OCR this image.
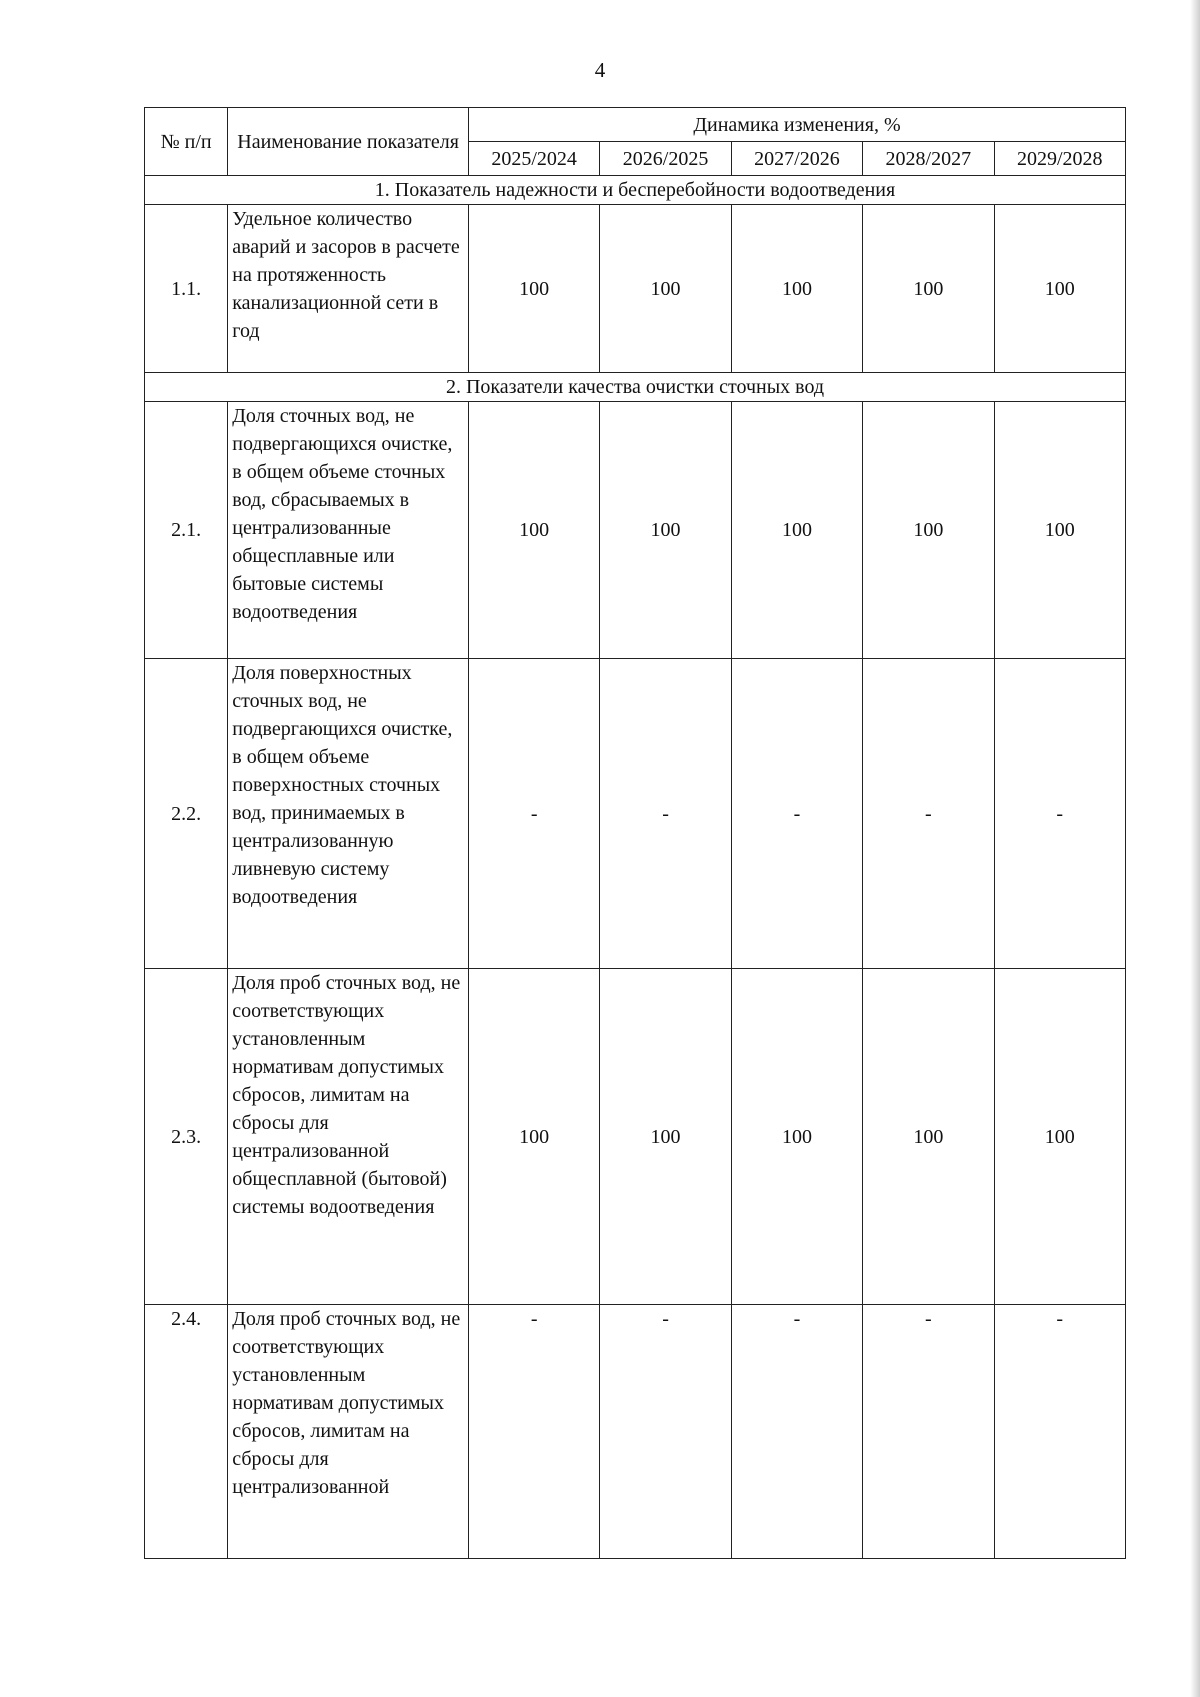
4
№ п/п	Наименование показателя	Динамика изменения, %				
		2025/2024	2026/2025	2027/2026	2028/2027	2029/2028
1. Показатель надежности и бесперебойности водоотведения						
1.1.	Удельное количество аварий и засоров в расчете на протяженность канализационной сети в год	100	100	100	100	100
2. Показатели качества очистки сточных вод						
2.1.	Доля сточных вод, не подвергающихся очистке, в общем объеме сточных вод, сбрасываемых в централизованные общесплавные или бытовые системы водоотведения	100	100	100	100	100
2.2.	Доля поверхностных сточных вод, не подвергающихся очистке, в общем объеме поверхностных сточных вод, принимаемых в централизованную ливневую систему водоотведения	-	-	-	-	-
2.3.	Доля проб сточных вод, не соответствующих установленным нормативам допустимых сбросов, лимитам на сбросы для централизованной общесплавной (бытовой) системы водоотведения	100	100	100	100	100
2.4.	Доля проб сточных вод, не соответствующих установленным нормативам допустимых сбросов, лимитам на сбросы для централизованной	-	-	-	-	-
